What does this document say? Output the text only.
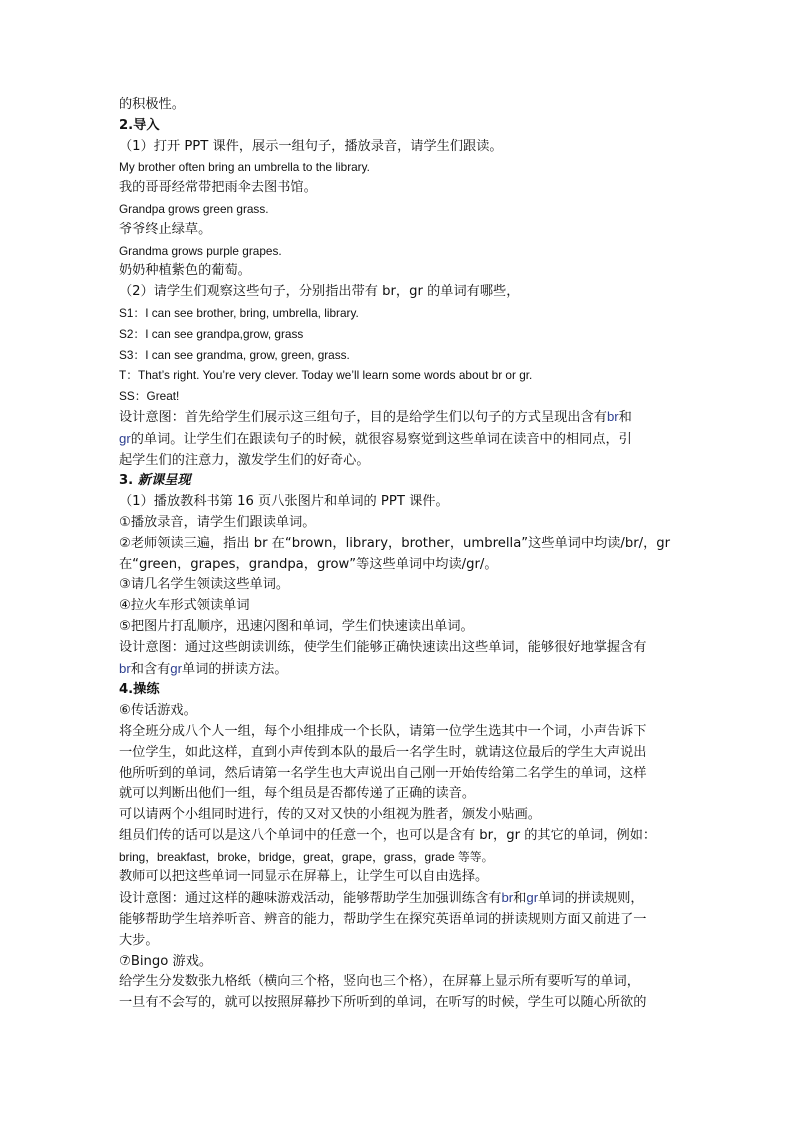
的积极性。
2.导入
（1）打开 PPT 课件，展示一组句子，播放录音，请学生们跟读。
My brother often bring an umbrella to the library.
我的哥哥经常带把雨伞去图书馆。
Grandpa grows green grass.
爷爷终止绿草。
Grandma grows purple grapes.
奶奶种植紫色的葡萄。
（2）请学生们观察这些句子，分别指出带有 br，gr 的单词有哪些，
S1：I can see brother, bring, umbrella, library.
S2：I can see grandpa,grow, grass
S3：I can see grandma, grow, green, grass.
T：That’s right. You’re very clever. Today we’ll learn some words about br or gr.
SS：Great!
设计意图：首先给学生们展示这三组句子，目的是给学生们以句子的方式呈现出含有br和
gr的单词。让学生们在跟读句子的时候，就很容易察觉到这些单词在读音中的相同点，引
起学生们的注意力，激发学生们的好奇心。
3. 新课呈现
（1）播放教科书第 16 页八张图片和单词的 PPT 课件。
①播放录音，请学生们跟读单词。
②老师领读三遍，指出 br 在“brown，library，brother，umbrella”这些单词中均读/br/，gr
在“green，grapes，grandpa，grow”等这些单词中均读/gr/。
③请几名学生领读这些单词。
④拉火车形式领读单词
⑤把图片打乱顺序，迅速闪图和单词，学生们快速读出单词。
设计意图：通过这些朗读训练，使学生们能够正确快速读出这些单词，能够很好地掌握含有
br和含有gr单词的拼读方法。
4.操练
⑥传话游戏。
将全班分成八个人一组，每个小组排成一个长队，请第一位学生选其中一个词，小声告诉下
一位学生，如此这样，直到小声传到本队的最后一名学生时，就请这位最后的学生大声说出
他所听到的单词，然后请第一名学生也大声说出自己刚一开始传给第二名学生的单词，这样
就可以判断出他们一组，每个组员是否都传递了正确的读音。
可以请两个小组同时进行，传的又对又快的小组视为胜者，颁发小贴画。
组员们传的话可以是这八个单词中的任意一个，也可以是含有 br，gr 的其它的单词，例如：
bring，breakfast，broke，bridge，great，grape，grass，grade 等等。
教师可以把这些单词一同显示在屏幕上，让学生可以自由选择。
设计意图：通过这样的趣味游戏活动，能够帮助学生加强训练含有br和gr单词的拼读规则，
能够帮助学生培养听音、辨音的能力，帮助学生在探究英语单词的拼读规则方面又前进了一
大步。
⑦Bingo 游戏。
给学生分发数张九格纸（横向三个格，竖向也三个格），在屏幕上显示所有要听写的单词，
一旦有不会写的，就可以按照屏幕抄下所听到的单词，在听写的时候，学生可以随心所欲的
